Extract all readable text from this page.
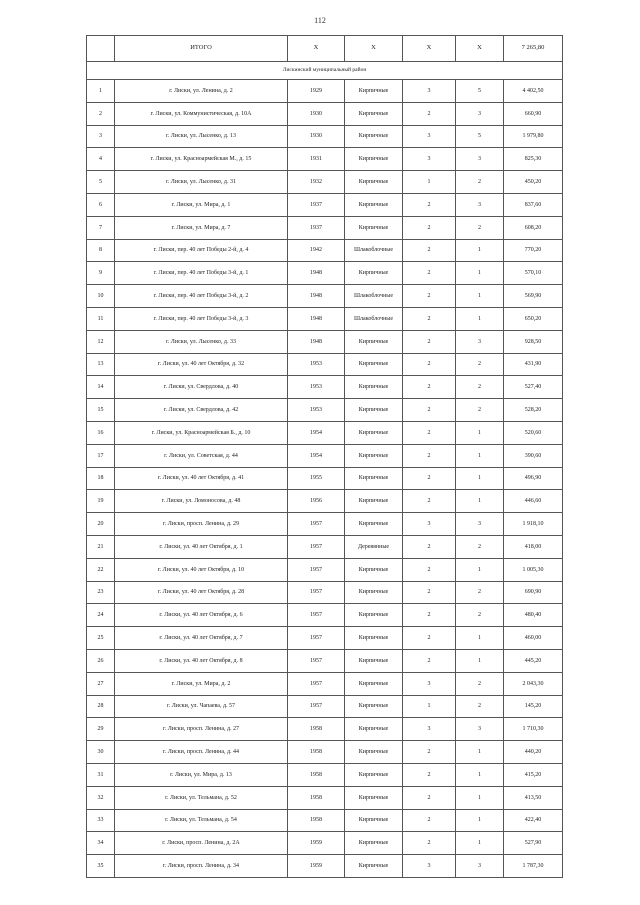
112
	ИТОГО	X	X	X	X	7 265,80
Лискинский муниципальный район						
1	г. Лиски, ул. Ленина, д. 2	1929	Кирпичные	3	5	4 402,50
2	г. Лиски, ул. Коммунистическая, д. 10А	1930	Кирпичные	2	3	660,90
3	г. Лиски, ул. Лысенко, д. 13	1930	Кирпичные	3	5	1 979,80
4	г. Лиски, ул. Красноармейская М., д. 15	1931	Кирпичные	3	3	825,30
5	г. Лиски, ул. Лысенко, д. 31	1932	Кирпичные	1	2	450,20
6	г. Лиски, ул. Мира, д. 1	1937	Кирпичные	2	3	837,60
7	г. Лиски, ул. Мира, д. 7	1937	Кирпичные	2	2	608,20
8	г. Лиски, пер. 40 лет Победы 2-й, д. 4	1942	Шлакоблочные	2	1	770,20
9	г. Лиски, пер. 40 лет Победы 3-й, д. 1	1948	Кирпичные	2	1	570,10
10	г. Лиски, пер. 40 лет Победы 3-й, д. 2	1948	Шлакоблочные	2	1	569,90
11	г. Лиски, пер. 40 лет Победы 3-й, д. 3	1948	Шлакоблочные	2	1	650,20
12	г. Лиски, ул. Лысенко, д. 33	1948	Кирпичные	2	3	928,50
13	г. Лиски, ул. 40 лет Октября, д. 32	1953	Кирпичные	2	2	431,90
14	г. Лиски, ул. Свердлова, д. 40	1953	Кирпичные	2	2	527,40
15	г. Лиски, ул. Свердлова, д. 42	1953	Кирпичные	2	2	528,20
16	г. Лиски, ул. Красноармейская Б., д. 10	1954	Кирпичные	2	1	520,60
17	г. Лиски, ул. Советская, д. 44	1954	Кирпичные	2	1	390,60
18	г. Лиски, ул. 40 лет Октября, д. 41	1955	Кирпичные	2	1	496,90
19	г. Лиски, ул. Ломоносова, д. 48	1956	Кирпичные	2	1	446,60
20	г. Лиски, просп. Ленина, д. 29	1957	Кирпичные	3	3	1 918,10
21	г. Лиски, ул. 40 лет Октября, д. 1	1957	Деревянные	2	2	418,00
22	г. Лиски, ул. 40 лет Октября, д. 10	1957	Кирпичные	2	1	1 005,30
23	г. Лиски, ул. 40 лет Октября, д. 28	1957	Кирпичные	2	2	690,90
24	г. Лиски, ул. 40 лет Октября, д. 6	1957	Кирпичные	2	2	480,40
25	г. Лиски, ул. 40 лет Октября, д. 7	1957	Кирпичные	2	1	460,00
26	г. Лиски, ул. 40 лет Октября, д. 8	1957	Кирпичные	2	1	445,20
27	г. Лиски, ул. Мира, д. 2	1957	Кирпичные	3	2	2 043,30
28	г. Лиски, ул. Чапаева, д. 57	1957	Кирпичные	1	2	145,20
29	г. Лиски, просп. Ленина, д. 27	1958	Кирпичные	3	3	1 710,30
30	г. Лиски, просп. Ленина, д. 44	1958	Кирпичные	2	1	440,20
31	г. Лиски, ул. Мира, д. 13	1958	Кирпичные	2	1	415,20
32	г. Лиски, ул. Тельмана, д. 52	1958	Кирпичные	2	1	413,50
33	г. Лиски, ул. Тельмана, д. 54	1958	Кирпичные	2	1	422,40
34	г. Лиски, просп. Ленина, д. 2А	1959	Кирпичные	2	1	527,90
35	г. Лиски, просп. Ленина, д. 34	1959	Кирпичные	3	3	1 787,30
